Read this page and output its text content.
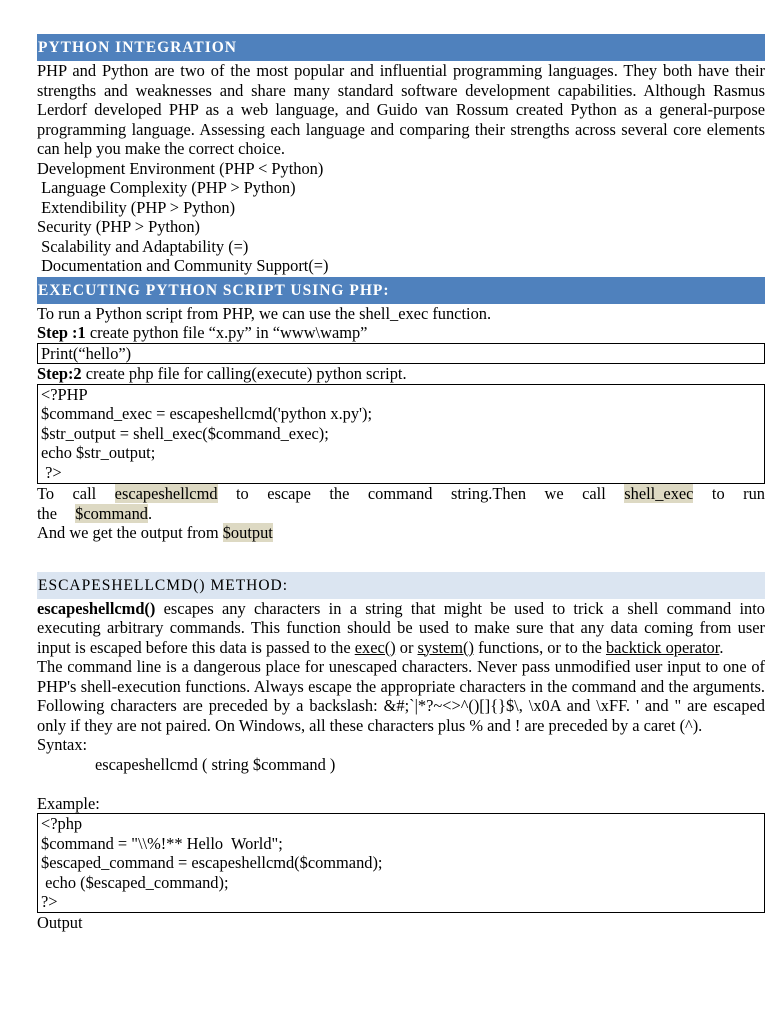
PYTHON INTEGRATION
PHP and Python are two of the most popular and influential programming languages. They both have their strengths and weaknesses and share many standard software development capabilities. Although Rasmus Lerdorf developed PHP as a web language, and Guido van Rossum created Python as a general-purpose programming language. Assessing each language and comparing their strengths across several core elements can help you make the correct choice.
Development Environment (PHP < Python)
Language Complexity (PHP > Python)
Extendibility (PHP > Python)
Security (PHP > Python)
Scalability and Adaptability (=)
Documentation and Community Support(=)
EXECUTING PYTHON SCRIPT USING PHP:
To run a Python script from PHP, we can use the shell_exec function.
Step :1 create python file “x.py” in “www\wamp”
Print(“hello”)
Step:2 create php file for calling(execute) python script.
<?PHP
$command_exec = escapeshellcmd('python x.py');
$str_output = shell_exec($command_exec);
echo $str_output;
?>
To call escapeshellcmd to escape the command string.Then we call shell_exec to run the $command.
And we get the output from $output
ESCAPESHELLCMD() METHOD:
escapeshellcmd() escapes any characters in a string that might be used to trick a shell command into executing arbitrary commands. This function should be used to make sure that any data coming from user input is escaped before this data is passed to the exec() or system() functions, or to the backtick operator.
The command line is a dangerous place for unescaped characters. Never pass unmodified user input to one of PHP's shell-execution functions. Always escape the appropriate characters in the command and the arguments. Following characters are preceded by a backslash: &#;`|*?~<>^()[]{}$\, \x0A and \xFF. ' and " are escaped only if they are not paired. On Windows, all these characters plus % and ! are preceded by a caret (^).
Syntax:
escapeshellcmd ( string $command )
Example:
<?php
$command = "\\%!** Hello  World";
$escaped_command = escapeshellcmd($command);
echo ($escaped_command);
?>
Output
